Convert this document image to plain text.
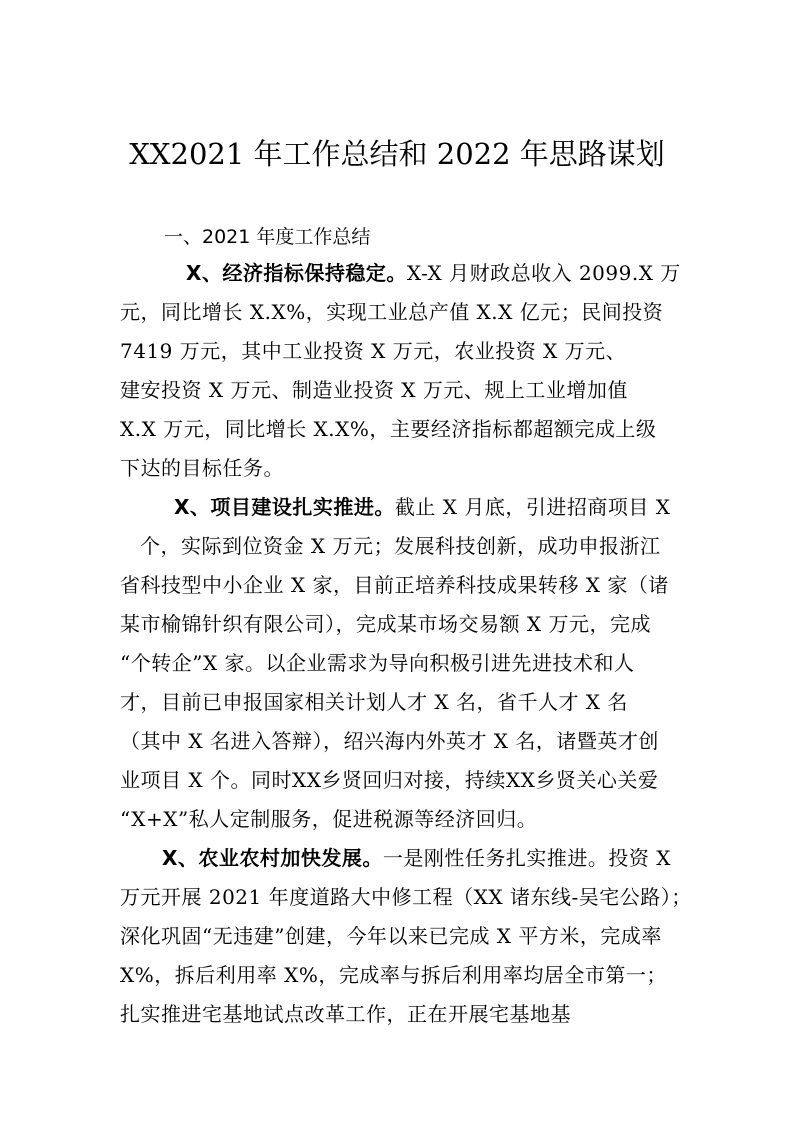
XX2021 年工作总结和 2022 年思路谋划
一、2021 年度工作总结
X、经济指标保持稳定。X-X 月财政总收入 2099.X 万
元，同比增长 X.X%，实现工业总产值 X.X 亿元；民间投资
7419 万元，其中工业投资 X 万元，农业投资 X 万元、
建安投资 X 万元、制造业投资 X 万元、规上工业增加值
X.X 万元，同比增长 X.X%，主要经济指标都超额完成上级
下达的目标任务。
X、项目建设扎实推进。截止 X 月底，引进招商项目 X
个，实际到位资金 X 万元；发展科技创新，成功申报浙江
省科技型中小企业 X 家，目前正培养科技成果转移 X 家（诸
某市榆锦针织有限公司），完成某市场交易额 X 万元，完成
“个转企”X 家。以企业需求为导向积极引进先进技术和人
才，目前已申报国家相关计划人才 X 名，省千人才 X 名
（其中 X 名进入答辩），绍兴海内外英才 X 名，诸暨英才创
业项目 X 个。同时XX乡贤回归对接，持续XX乡贤关心关爱
“X+X”私人定制服务，促进税源等经济回归。
X、农业农村加快发展。一是刚性任务扎实推进。投资 X
万元开展 2021 年度道路大中修工程（XX 诸东线-吴宅公路）；
深化巩固“无违建”创建，今年以来已完成 X 平方米，完成率
X%，拆后利用率 X%，完成率与拆后利用率均居全市第一；
扎实推进宅基地试点改革工作，正在开展宅基地基
